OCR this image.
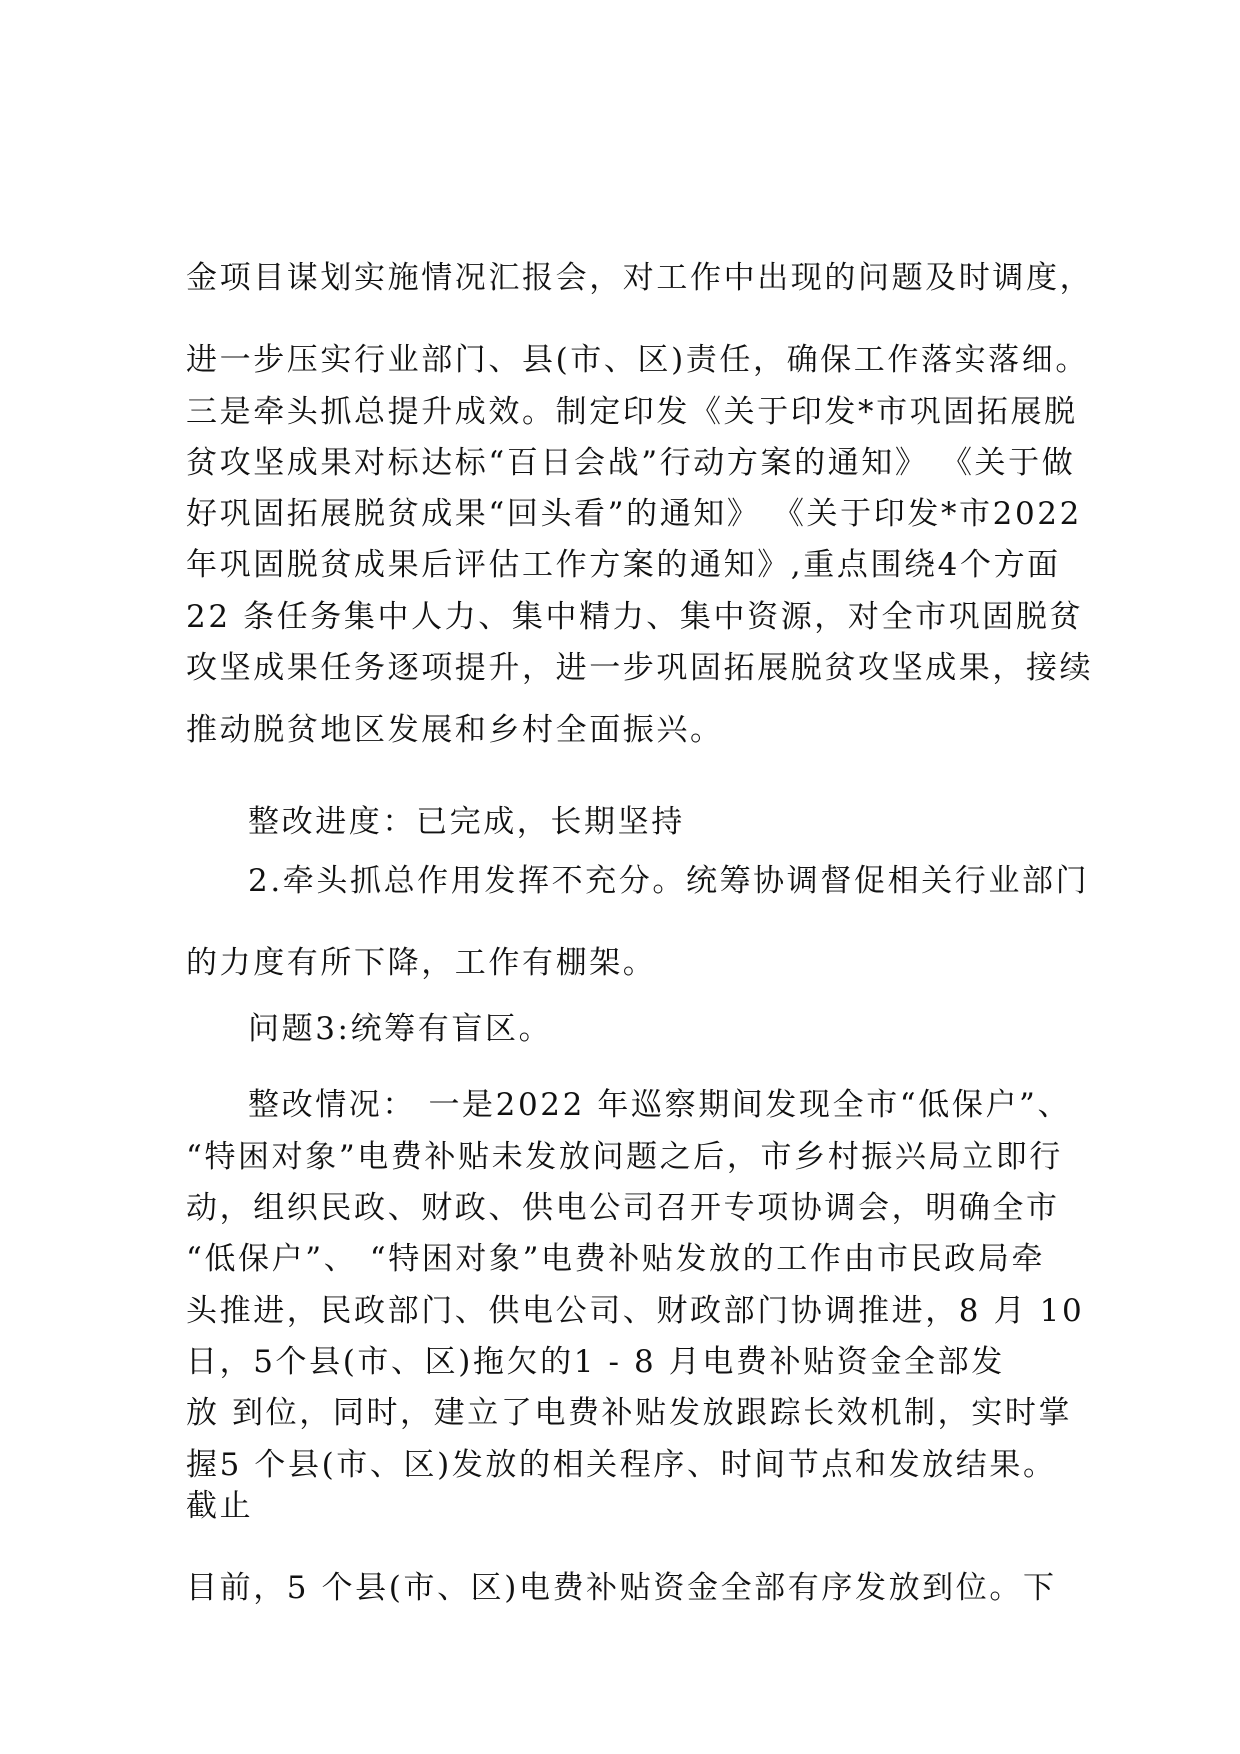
金项目谋划实施情况汇报会，对工作中出现的问题及时调度，
进一步压实行业部门、县(市、区)责任，确保工作落实落细。
三是牵头抓总提升成效。制定印发《关于印发*市巩固拓展脱
贫攻坚成果对标达标“百日会战”行动方案的通知》 《关于做
好巩固拓展脱贫成果“回头看”的通知》 《关于印发*市2022
年巩固脱贫成果后评估工作方案的通知》,重点围绕4个方面
22 条任务集中人力、集中精力、集中资源，对全市巩固脱贫
攻坚成果任务逐项提升，进一步巩固拓展脱贫攻坚成果，接续
推动脱贫地区发展和乡村全面振兴。
整改进度：已完成，长期坚持
2.牵头抓总作用发挥不充分。统筹协调督促相关行业部门
的力度有所下降，工作有棚架。
问题3:统筹有盲区。
整改情况： 一是2022 年巡察期间发现全市“低保户”、
“特困对象”电费补贴未发放问题之后，市乡村振兴局立即行
动，组织民政、财政、供电公司召开专项协调会，明确全市
“低保户”、 “特困对象”电费补贴发放的工作由市民政局牵
头推进，民政部门、供电公司、财政部门协调推进，8 月 10
日，5个县(市、区)拖欠的1 - 8 月电费补贴资金全部发
放 到位，同时，建立了电费补贴发放跟踪长效机制，实时掌
握5 个县(市、区)发放的相关程序、时间节点和发放结果。
截止
目前，5 个县(市、区)电费补贴资金全部有序发放到位。下
